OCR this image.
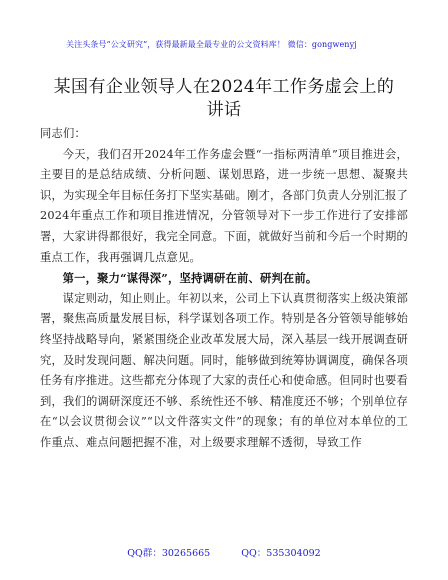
关注头条号“公文研究”，获得最新最全最专业的公文资料库！ 微信：gongwenyj
某国有企业领导人在2024年工作务虚会上的讲话

同志们：

今天，我们召开2024年工作务虚会暨“一指标两清单”项目推进会，主要目的是总结成绩、分析问题、谋划思路，进一步统一思想、凝聚共识，为实现全年目标任务打下坚实基础。刚才，各部门负责人分别汇报了2024年重点工作和项目推进情况，分管领导对下一步工作进行了安排部署，大家讲得都很好，我完全同意。下面，就做好当前和今后一个时期的重点工作，我再强调几点意见。

第一，聚力“谋得深”，坚持调研在前、研判在前。

谋定则动，知止则止。年初以来，公司上下认真贯彻落实上级决策部署，聚焦高质量发展目标，科学谋划各项工作。特别是各分管领导能够始终坚持战略导向，紧紧围绕企业改革发展大局，深入基层一线开展调查研究，及时发现问题、解决问题。同时，能够做到统筹协调调度，确保各项任务有序推进。这些都充分体现了大家的责任心和使命感。但同时也要看到，我们的调研深度还不够、系统性还不够、精准度还不够；个别单位存在“以会议贯彻会议”“以文件落实文件”的现象；有的单位对本单位的工作重点、难点问题把握不准，对上级要求理解不透彻，导致工作

QQ群：30265665	QQ：535304092
